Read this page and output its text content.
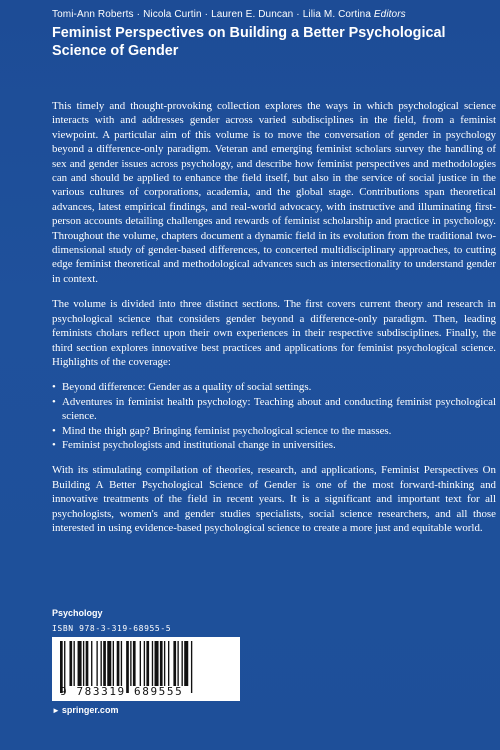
Tomi-Ann Roberts · Nicola Curtin · Lauren E. Duncan · Lilia M. Cortina Editors
Feminist Perspectives on Building a Better Psychological Science of Gender

This timely and thought-provoking collection explores the ways in which psychological science interacts with and addresses gender across varied subdisciplines in the field, from a feminist viewpoint. A particular aim of this volume is to move the conversation of gender in psychology beyond a difference-only paradigm. Veteran and emerging feminist scholars survey the handling of sex and gender issues across psychology, and describe how feminist perspectives and methodologies can and should be applied to enhance the field itself, but also in the service of social justice in the various cultures of corporations, academia, and the global stage. Contributions span theoretical advances, latest empirical findings, and real-world advocacy, with instructive and illuminating first-person accounts detailing challenges and rewards of feminist scholarship and practice in psychology. Throughout the volume, chapters document a dynamic field in its evolution from the traditional two-dimensional study of gender-based differences, to concerted multidisciplinary approaches, to cutting edge feminist theoretical and methodological advances such as intersectionality to understand gender in context.

The volume is divided into three distinct sections. The first covers current theory and research in psychological science that considers gender beyond a difference-only paradigm. Then, leading feminists cholars reflect upon their own experiences in their respective subdisciplines. Finally, the third section explores innovative best practices and applications for feminist psychological science. Highlights of the coverage:

• Beyond difference: Gender as a quality of social settings.
• Adventures in feminist health psychology: Teaching about and conducting feminist psychological science.
• Mind the thigh gap? Bringing feminist psychological science to the masses.
• Feminist psychologists and institutional change in universities.

With its stimulating compilation of theories, research, and applications, Feminist Perspectives On Building A Better Psychological Science of Gender is one of the most forward-thinking and innovative treatments of the field in recent years. It is a significant and important text for all psychologists, women's and gender studies specialists, social science researchers, and all those interested in using evidence-based psychological science to create a more just and equitable world.

Psychology
ISBN 978-3-319-68955-5
9 783319 689555
► springer.com
